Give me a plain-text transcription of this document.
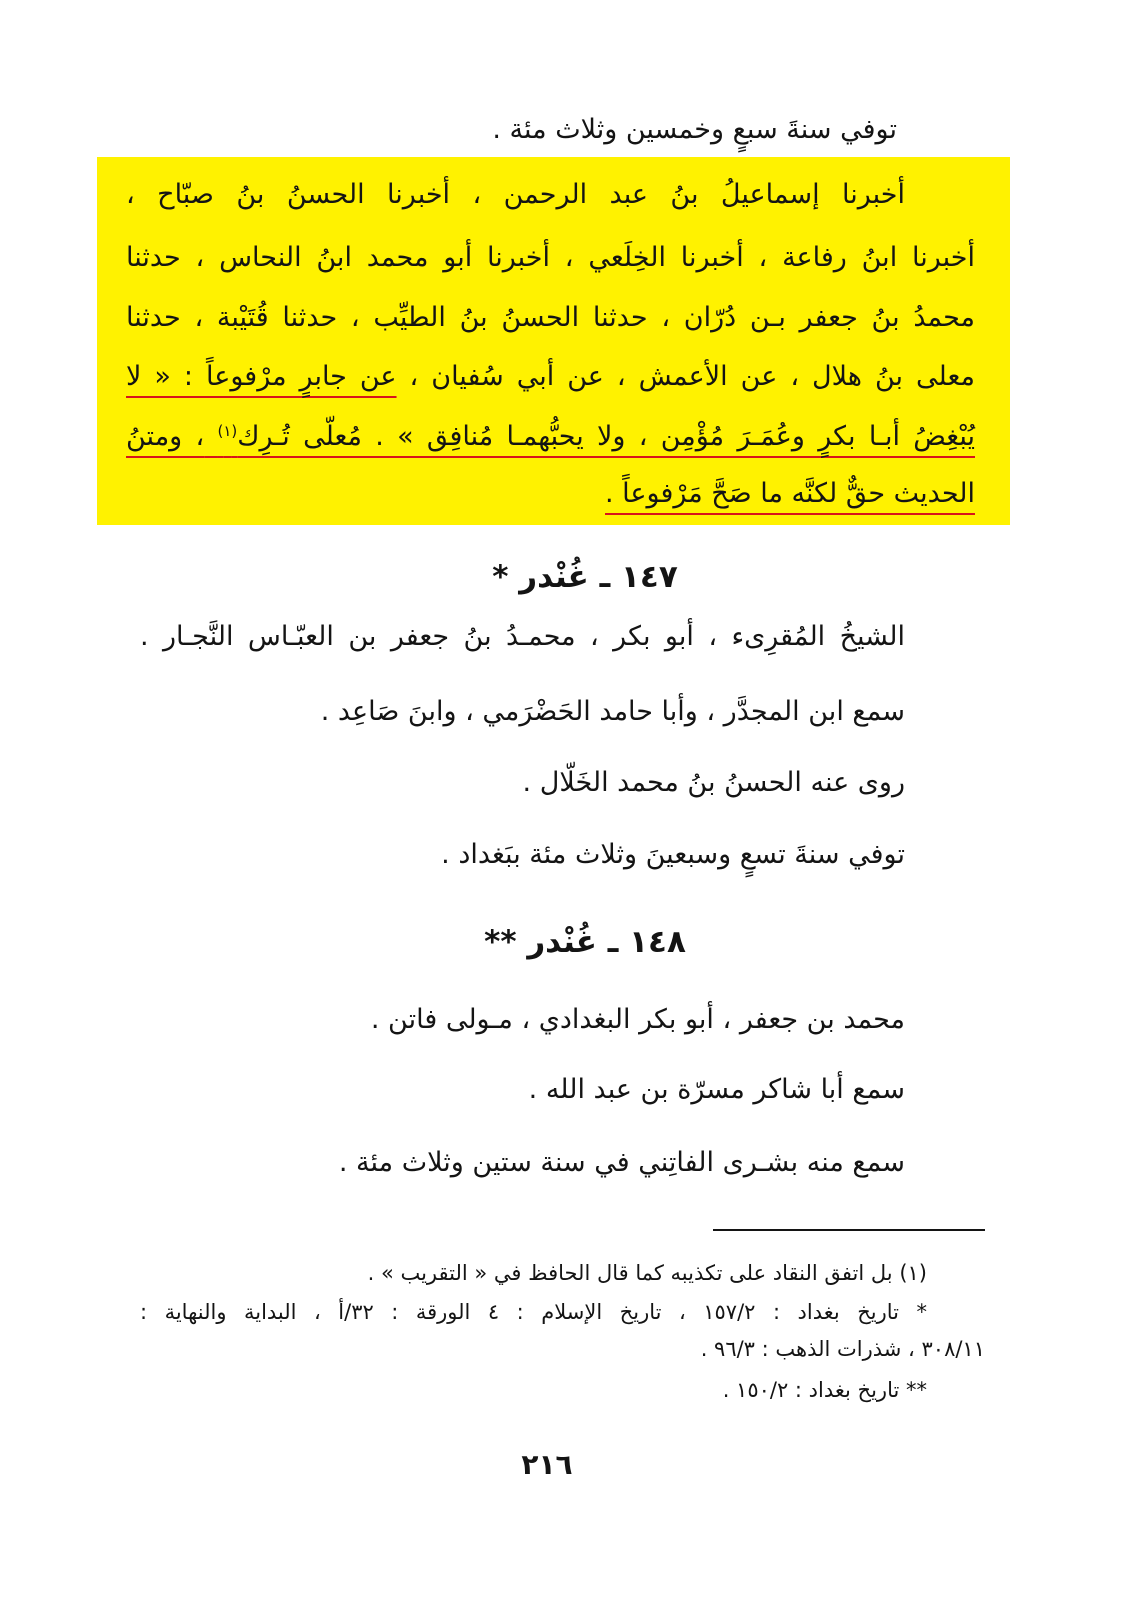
توفي سنةَ سبعٍ وخمسين وثلاث مئة .
أخبرنا إسماعيلُ بنُ عبد الرحمن ، أخبرنا الحسنُ بنُ صبّاح ،
أخبرنا ابنُ رفاعة ، أخبرنا الخِلَعي ، أخبرنا أبو محمد ابنُ النحاس ، حدثنا
محمدُ بنُ جعفر بـن دُرّان ، حدثنا الحسنُ بنُ الطيِّب ، حدثنا قُتَيْبة ، حدثنا
معلى بنُ هلال ، عن الأعمش ، عن أبي سُفيان ، عن جابرٍ مرْفوعاً : « لا
يُبْغِضُ أبـا بكرٍ وعُمَـرَ مُؤْمِن ، ولا يحبُّهمـا مُنافِق » . مُعلّى تُـرِك$^{(١)}$ ، ومتنُ
الحديث حقٌّ لكنَّه ما صَحَّ مَرْفوعاً .
١٤٧ ـ غُنْدر *
الشيخُ المُقرِىء ، أبو بكر ، محمـدُ بنُ جعفر بن العبّـاس النَّجـار .
سمع ابن المجدَّر ، وأبا حامد الحَضْرَمي ، وابنَ صَاعِد .
روى عنه الحسنُ بنُ محمد الخَلّال .
توفي سنةَ تسعٍ وسبعينَ وثلاث مئة ببَغداد .
١٤٨ ـ غُنْدر **
محمد بن جعفر ، أبو بكر البغدادي ، مـولى فاتن .
سمع أبا شاكر مسرّة بن عبد الله .
سمع منه بشـرى الفاتِني في سنة ستين وثلاث مئة .
(١) بل اتفق النقاد على تكذيبه كما قال الحافظ في « التقريب » .
* تاريخ بغداد : ١٥٧/٢ ، تاريخ الإسلام : ٤ الورقة : ٣٢/أ ، البداية والنهاية :
٣٠٨/١١ ، شذرات الذهب : ٩٦/٣ .
** تاريخ بغداد : ١٥٠/٢ .
٢١٦
